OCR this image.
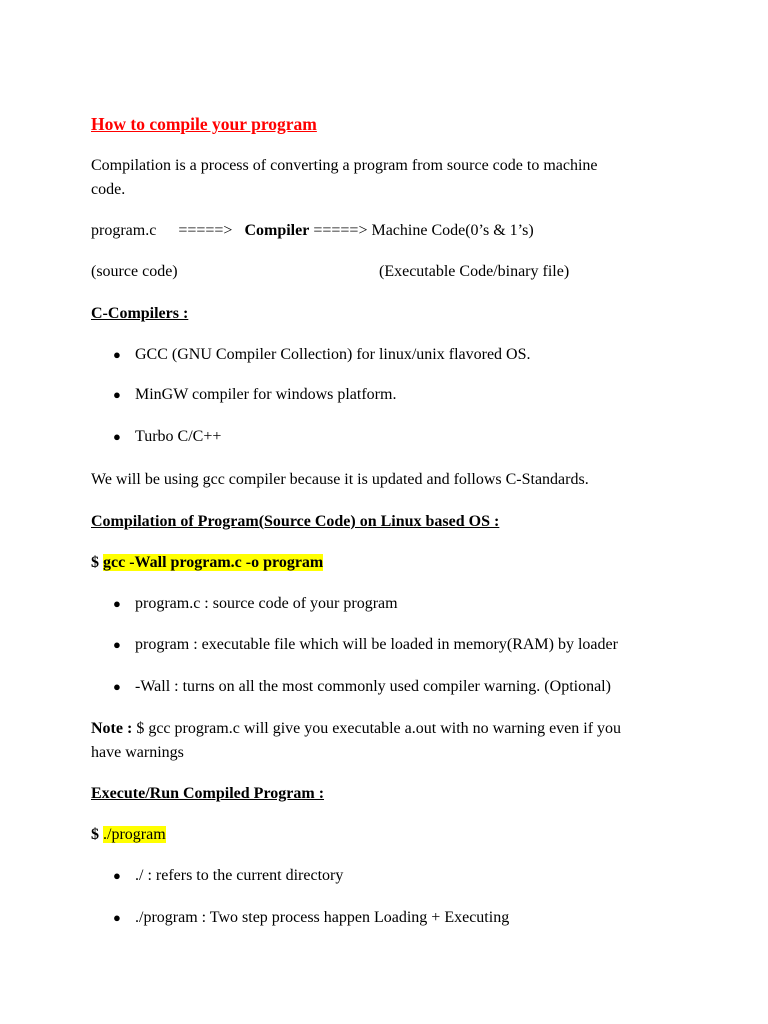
How to compile your program
Compilation is a process of converting a program from source code to machine
code.
program.c =====> Compiler =====> Machine Code(0’s & 1’s)
(source code)	(Executable Code/binary file)
C-Compilers :
● GCC (GNU Compiler Collection) for linux/unix flavored OS.
● MinGW compiler for windows platform.
● Turbo C/C++
We will be using gcc compiler because it is updated and follows C-Standards.
Compilation of Program(Source Code) on Linux based OS :
$ gcc -Wall program.c -o program
● program.c : source code of your program
● program : executable file which will be loaded in memory(RAM) by loader
● -Wall : turns on all the most commonly used compiler warning. (Optional)
Note : $ gcc program.c will give you executable a.out with no warning even if you
have warnings
Execute/Run Compiled Program :
$ ./program
● ./ : refers to the current directory
● ./program : Two step process happen Loading + Executing
